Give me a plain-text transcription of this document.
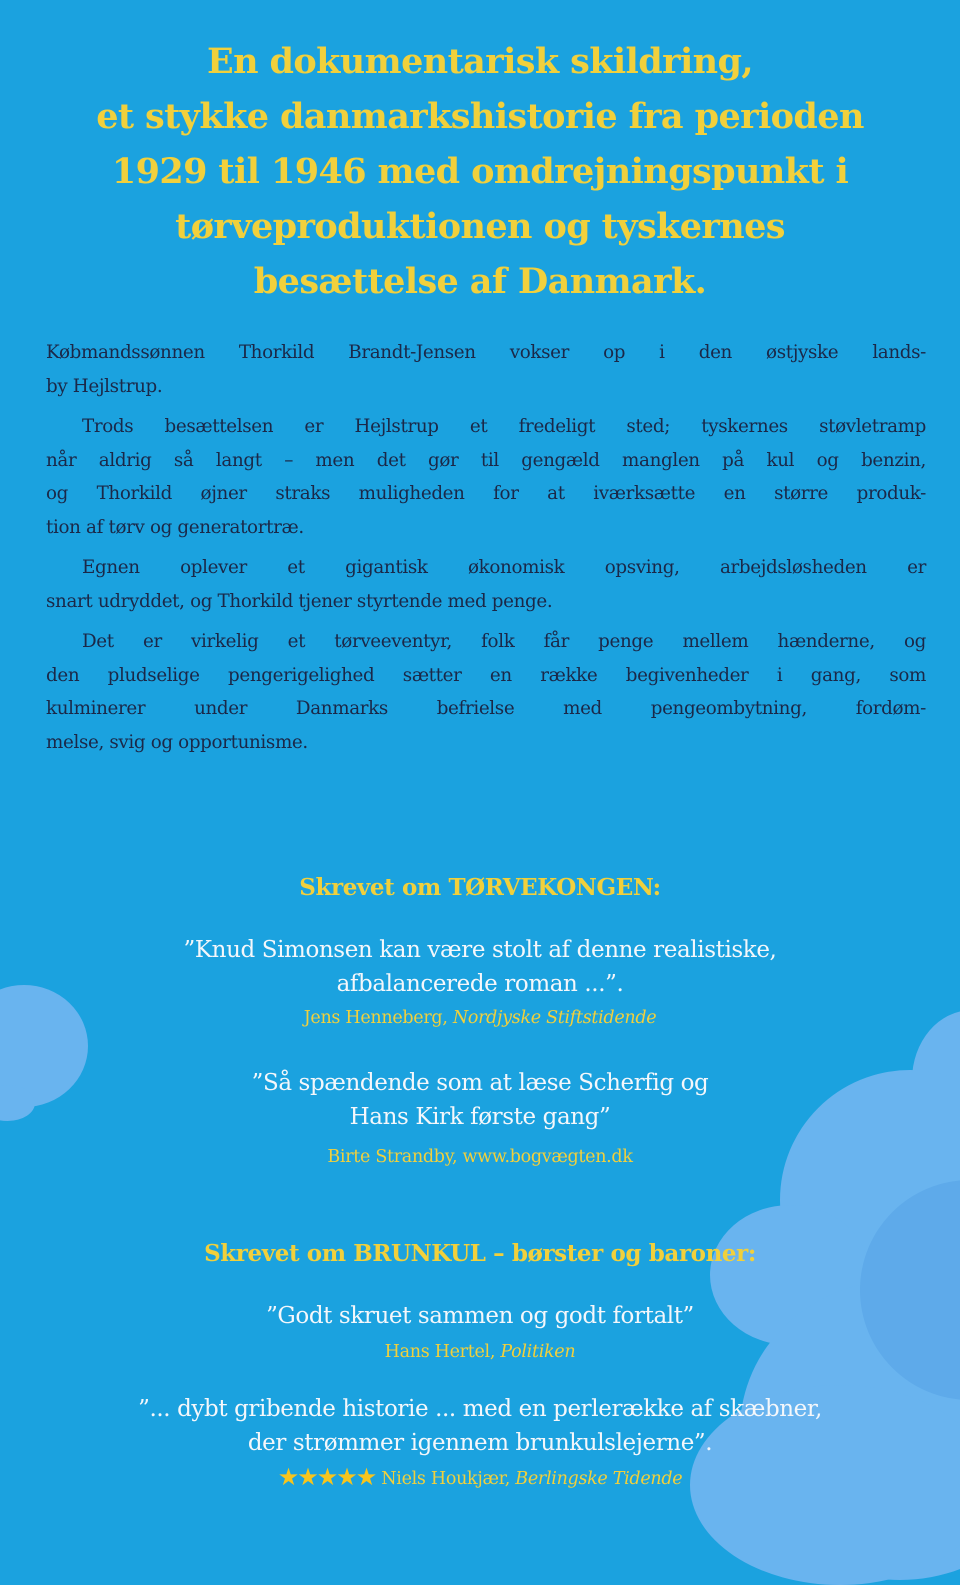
En dokumentarisk skildring,
et stykke danmarkshistorie fra perioden
1929 til 1946 med omdrejningspunkt i
tørveproduktionen og tyskernes
besættelse af Danmark.

Købmandssønnen Thorkild Brandt-Jensen vokser op i den østjyske lands-
by Hejlstrup.

Trods besættelsen er Hejlstrup et fredeligt sted; tyskernes støvletramp
når aldrig så langt – men det gør til gengæld manglen på kul og benzin,
og Thorkild øjner straks muligheden for at iværksætte en større produk-
tion af tørv og generatortræ.

Egnen oplever et gigantisk økonomisk opsving, arbejdsløsheden er
snart udryddet, og Thorkild tjener styrtende med penge.

Det er virkelig et tørveeventyr, folk får penge mellem hænderne, og
den pludselige pengerigelighed sætter en række begivenheder i gang, som
kulminerer under Danmarks befrielse med pengeombytning, fordøm-
melse, svig og opportunisme.

Skrevet om TØRVEKONGEN:
”Knud Simonsen kan være stolt af denne realistiske,
afbalancerede roman ...”.
Jens Henneberg, Nordjyske Stiftstidende
”Så spændende som at læse Scherfig og
Hans Kirk første gang”
Birte Strandby, www.bogvægten.dk
Skrevet om BRUNKUL – børster og baroner:
”Godt skruet sammen og godt fortalt”
Hans Hertel, Politiken
”... dybt gribende historie ... med en perlerække af skæbner,
der strømmer igennem brunkulslejerne”.
★★★★★ Niels Houkjær, Berlingske Tidende
